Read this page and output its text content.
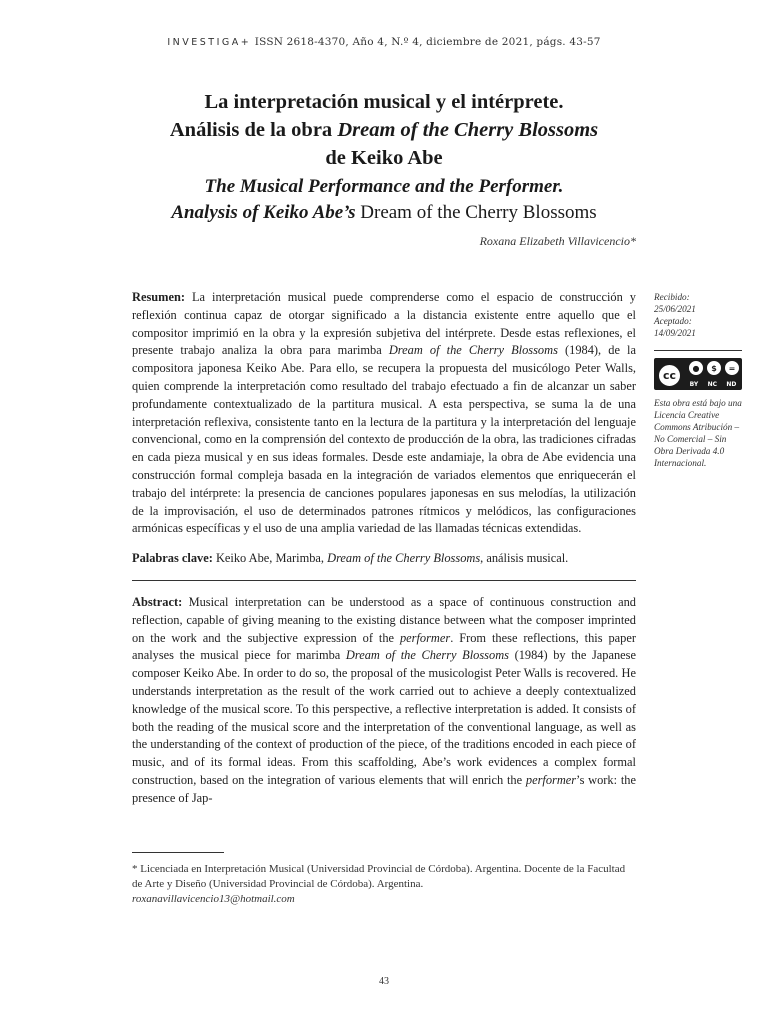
INVESTIGA+ ISSN 2618-4370, Año 4, N.º 4, diciembre de 2021, págs. 43-57
La interpretación musical y el intérprete.
Análisis de la obra Dream of the Cherry Blossoms
de Keiko Abe
The Musical Performance and the Performer.
Analysis of Keiko Abe’s Dream of the Cherry Blossoms
Roxana Elizabeth Villavicencio*
Recibido:
25/06/2021
Aceptado:
14/09/2021
cc
●	$	=
BY NC ND
Esta obra está bajo una Licencia Creative Commons Atribución – No Comercial – Sin Obra Derivada 4.0 Internacional.
Resumen: La interpretación musical puede comprenderse como el espacio de construcción y reflexión continua capaz de otorgar significado a la distancia existente entre aquello que el compositor imprimió en la obra y la expresión subjetiva del intérprete. Desde estas reflexiones, el presente trabajo analiza la obra para marimba Dream of the Cherry Blossoms (1984), de la compositora japonesa Keiko Abe. Para ello, se recupera la propuesta del musicólogo Peter Walls, quien comprende la interpretación como resultado del trabajo efectuado a fin de alcanzar un saber profundamente contextualizado de la partitura musical. A esta perspectiva, se suma la de una interpretación reflexiva, consistente tanto en la lectura de la partitura y la interpretación del lenguaje convencional, como en la comprensión del contexto de producción de la obra, las tradiciones cifradas en cada pieza musical y en sus ideas formales. Desde este andamiaje, la obra de Abe evidencia una construcción formal compleja basada en la integración de variados elementos que enriquecerán el trabajo del intérprete: la presencia de canciones populares japonesas en sus melodías, la utilización de la improvisación, el uso de determinados patrones rítmicos y melódicos, las configuraciones armónicas específicas y el uso de una amplia variedad de las llamadas técnicas extendidas.
Palabras clave: Keiko Abe, Marimba, Dream of the Cherry Blossoms, análisis musical.
Abstract: Musical interpretation can be understood as a space of continuous construction and reflection, capable of giving meaning to the existing distance between what the composer imprinted on the work and the subjective expression of the performer. From these reflections, this paper analyses the musical piece for marimba Dream of the Cherry Blossoms (1984) by the Japanese composer Keiko Abe. In order to do so, the proposal of the musicologist Peter Walls is recovered. He understands interpretation as the result of the work carried out to achieve a deeply contextualized knowledge of the musical score. To this perspective, a reflective interpretation is added. It consists of both the reading of the musical score and the interpretation of the conventional language, as well as the understanding of the context of production of the piece, of the traditions encoded in each piece of music, and of its formal ideas. From this scaffolding, Abe’s work evidences a complex formal construction, based on the integration of various elements that will enrich the performer’s work: the presence of Jap-
* Licenciada en Interpretación Musical (Universidad Provincial de Córdoba). Argentina. Docente de la Facultad de Arte y Diseño (Universidad Provincial de Córdoba). Argentina.
roxanavillavicencio13@hotmail.com
43
